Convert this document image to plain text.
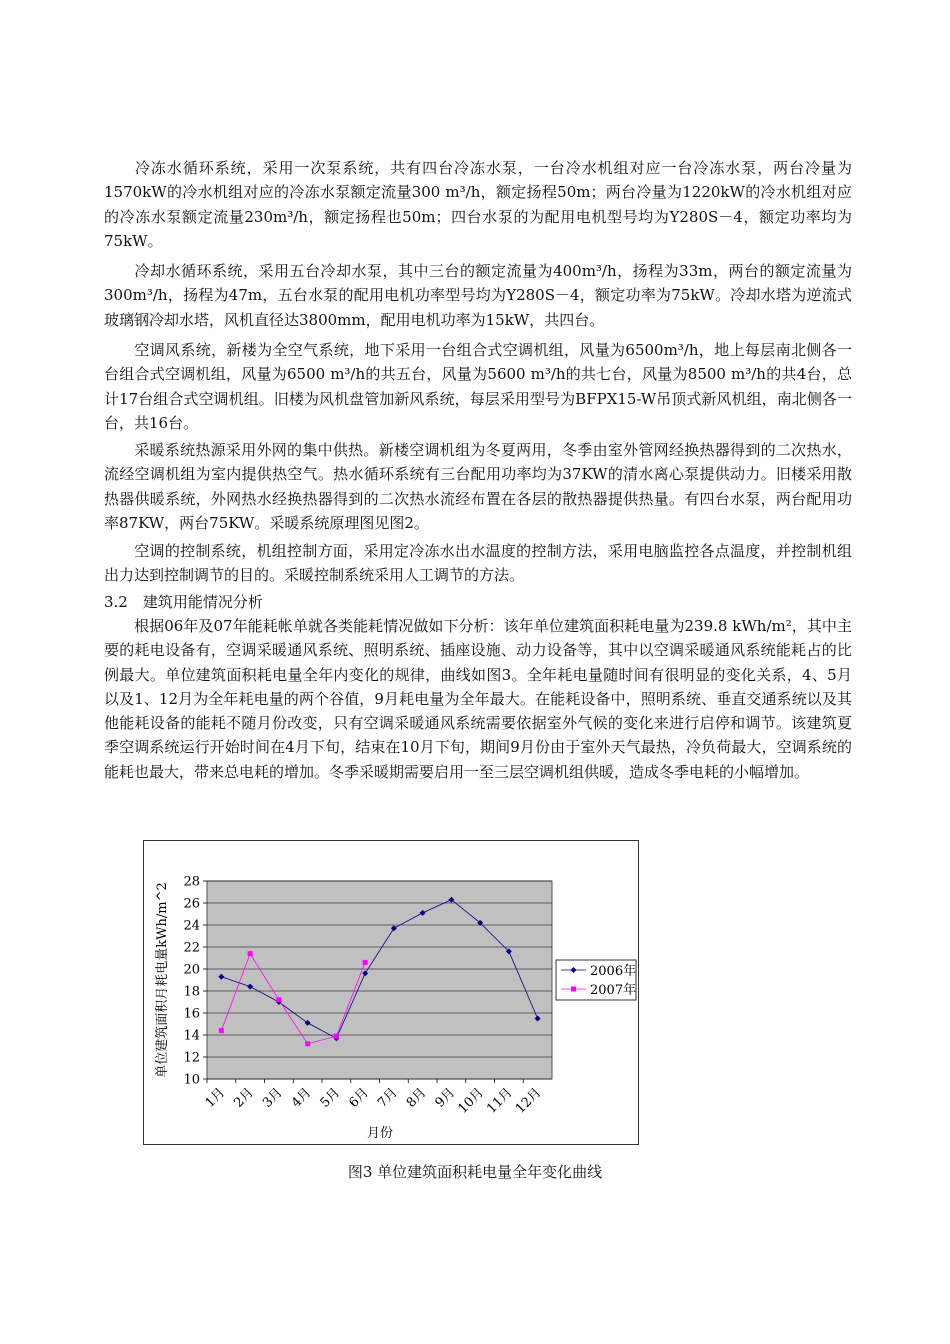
冷冻水循环系统，采用一次泵系统，共有四台冷冻水泵，一台冷水机组对应一台冷冻水泵，两台冷量为1570kW的冷水机组对应的冷冻水泵额定流量300 m³/h，额定扬程50m；两台冷量为1220kW的冷水机组对应的冷冻水泵额定流量230m³/h，额定扬程也50m；四台水泵的为配用电机型号均为Y280S－4，额定功率均为75kW。

冷却水循环系统，采用五台冷却水泵，其中三台的额定流量为400m³/h，扬程为33m，两台的额定流量为300m³/h，扬程为47m，五台水泵的配用电机功率型号均为Y280S－4，额定功率为75kW。冷却水塔为逆流式玻璃钢冷却水塔，风机直径达3800mm，配用电机功率为15kW，共四台。

空调风系统，新楼为全空气系统，地下采用一台组合式空调机组，风量为6500m³/h，地上每层南北侧各一台组合式空调机组，风量为6500 m³/h的共五台，风量为5600 m³/h的共七台，风量为8500 m³/h的共4台，总计17台组合式空调机组。旧楼为风机盘管加新风系统，每层采用型号为BFPX15-W吊顶式新风机组，南北侧各一台，共16台。

采暖系统热源采用外网的集中供热。新楼空调机组为冬夏两用，冬季由室外管网经换热器得到的二次热水，流经空调机组为室内提供热空气。热水循环系统有三台配用功率均为37KW的清水离心泵提供动力。旧楼采用散热器供暖系统，外网热水经换热器得到的二次热水流经布置在各层的散热器提供热量。有四台水泵，两台配用功率87KW，两台75KW。采暖系统原理图见图2。

空调的控制系统，机组控制方面，采用定冷冻水出水温度的控制方法，采用电脑监控各点温度，并控制机组出力达到控制调节的目的。采暖控制系统采用人工调节的方法。

3.2　建筑用能情况分析

根据06年及07年能耗帐单就各类能耗情况做如下分析：该年单位建筑面积耗电量为239.8 kWh/m²，其中主要的耗电设备有，空调采暖通风系统、照明系统、插座设施、动力设备等，其中以空调采暖通风系统能耗占的比例最大。单位建筑面积耗电量全年内变化的规律，曲线如图3。全年耗电量随时间有很明显的变化关系，4、5月以及1、12月为全年耗电量的两个谷值，9月耗电量为全年最大。在能耗设备中，照明系统、垂直交通系统以及其他能耗设备的能耗不随月份改变，只有空调采暖通风系统需要依据室外气候的变化来进行启停和调节。该建筑夏季空调系统运行开始时间在4月下旬，结束在10月下旬，期间9月份由于室外天气最热，冷负荷最大，空调系统的能耗也最大，带来总电耗的增加。冬季采暖期需要启用一至三层空调机组供暖，造成冬季电耗的小幅增加。

10
12
14
16
18
20
22
24
26
28
1月 2月 3月 4月 5月 6月 7月 8月 9月
10月
11月
12月
单位建筑面积月耗电量kWh/m^2
月份
2006年
2007年
图3 单位建筑面积耗电量全年变化曲线
